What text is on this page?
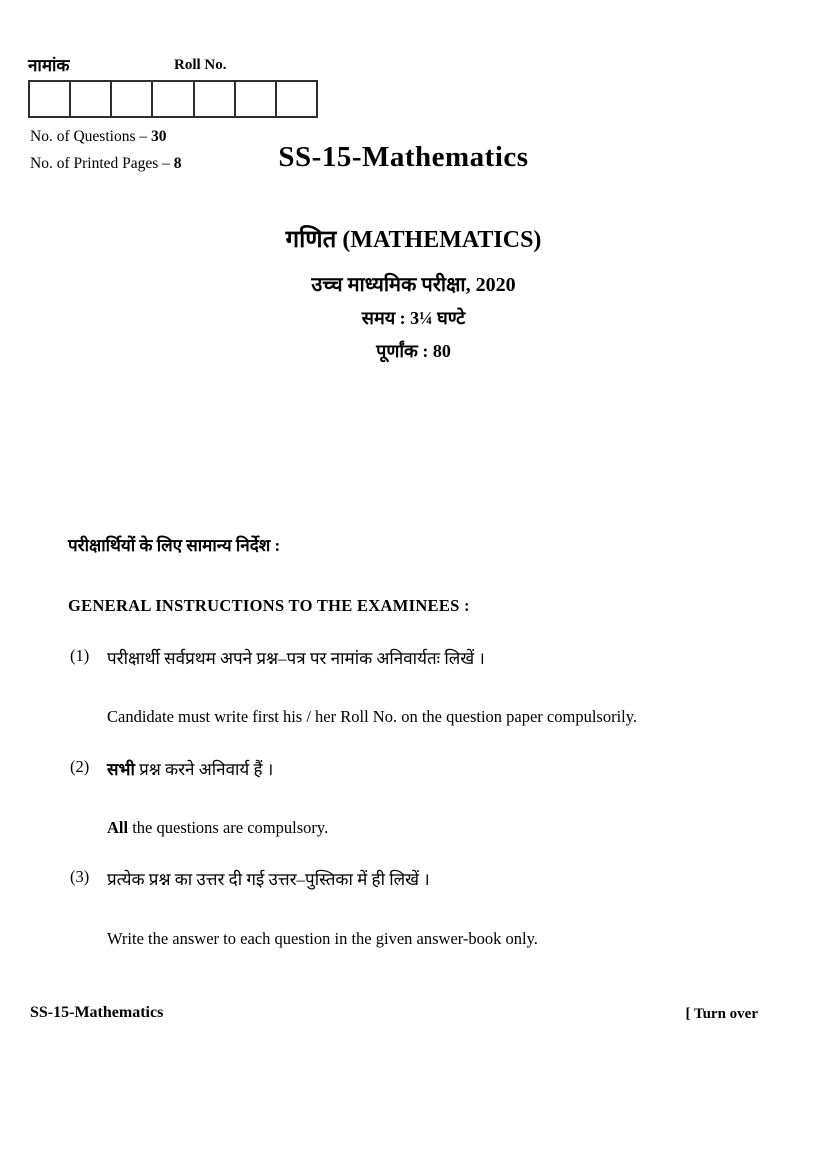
नामांक	Roll No.
No. of Questions – 30
No. of Printed Pages – 8	SS-15-Mathematics
गणित (MATHEMATICS)
उच्च माध्यमिक परीक्षा, 2020
समय : 3¼ घण्टे
पूर्णांक : 80
परीक्षार्थियों के लिए सामान्य निर्देश :
GENERAL INSTRUCTIONS TO THE EXAMINEES :
(1)	परीक्षार्थी सर्वप्रथम अपने प्रश्न–पत्र पर नामांक अनिवार्यतः लिखें ।
Candidate must write first his / her Roll No. on the question paper compulsorily.
(2)	सभी प्रश्न करने अनिवार्य हैं ।
All the questions are compulsory.
(3)	प्रत्येक प्रश्न का उत्तर दी गई उत्तर–पुस्तिका में ही लिखें ।
Write the answer to each question in the given answer-book only.
SS-15-Mathematics	[ Turn over
